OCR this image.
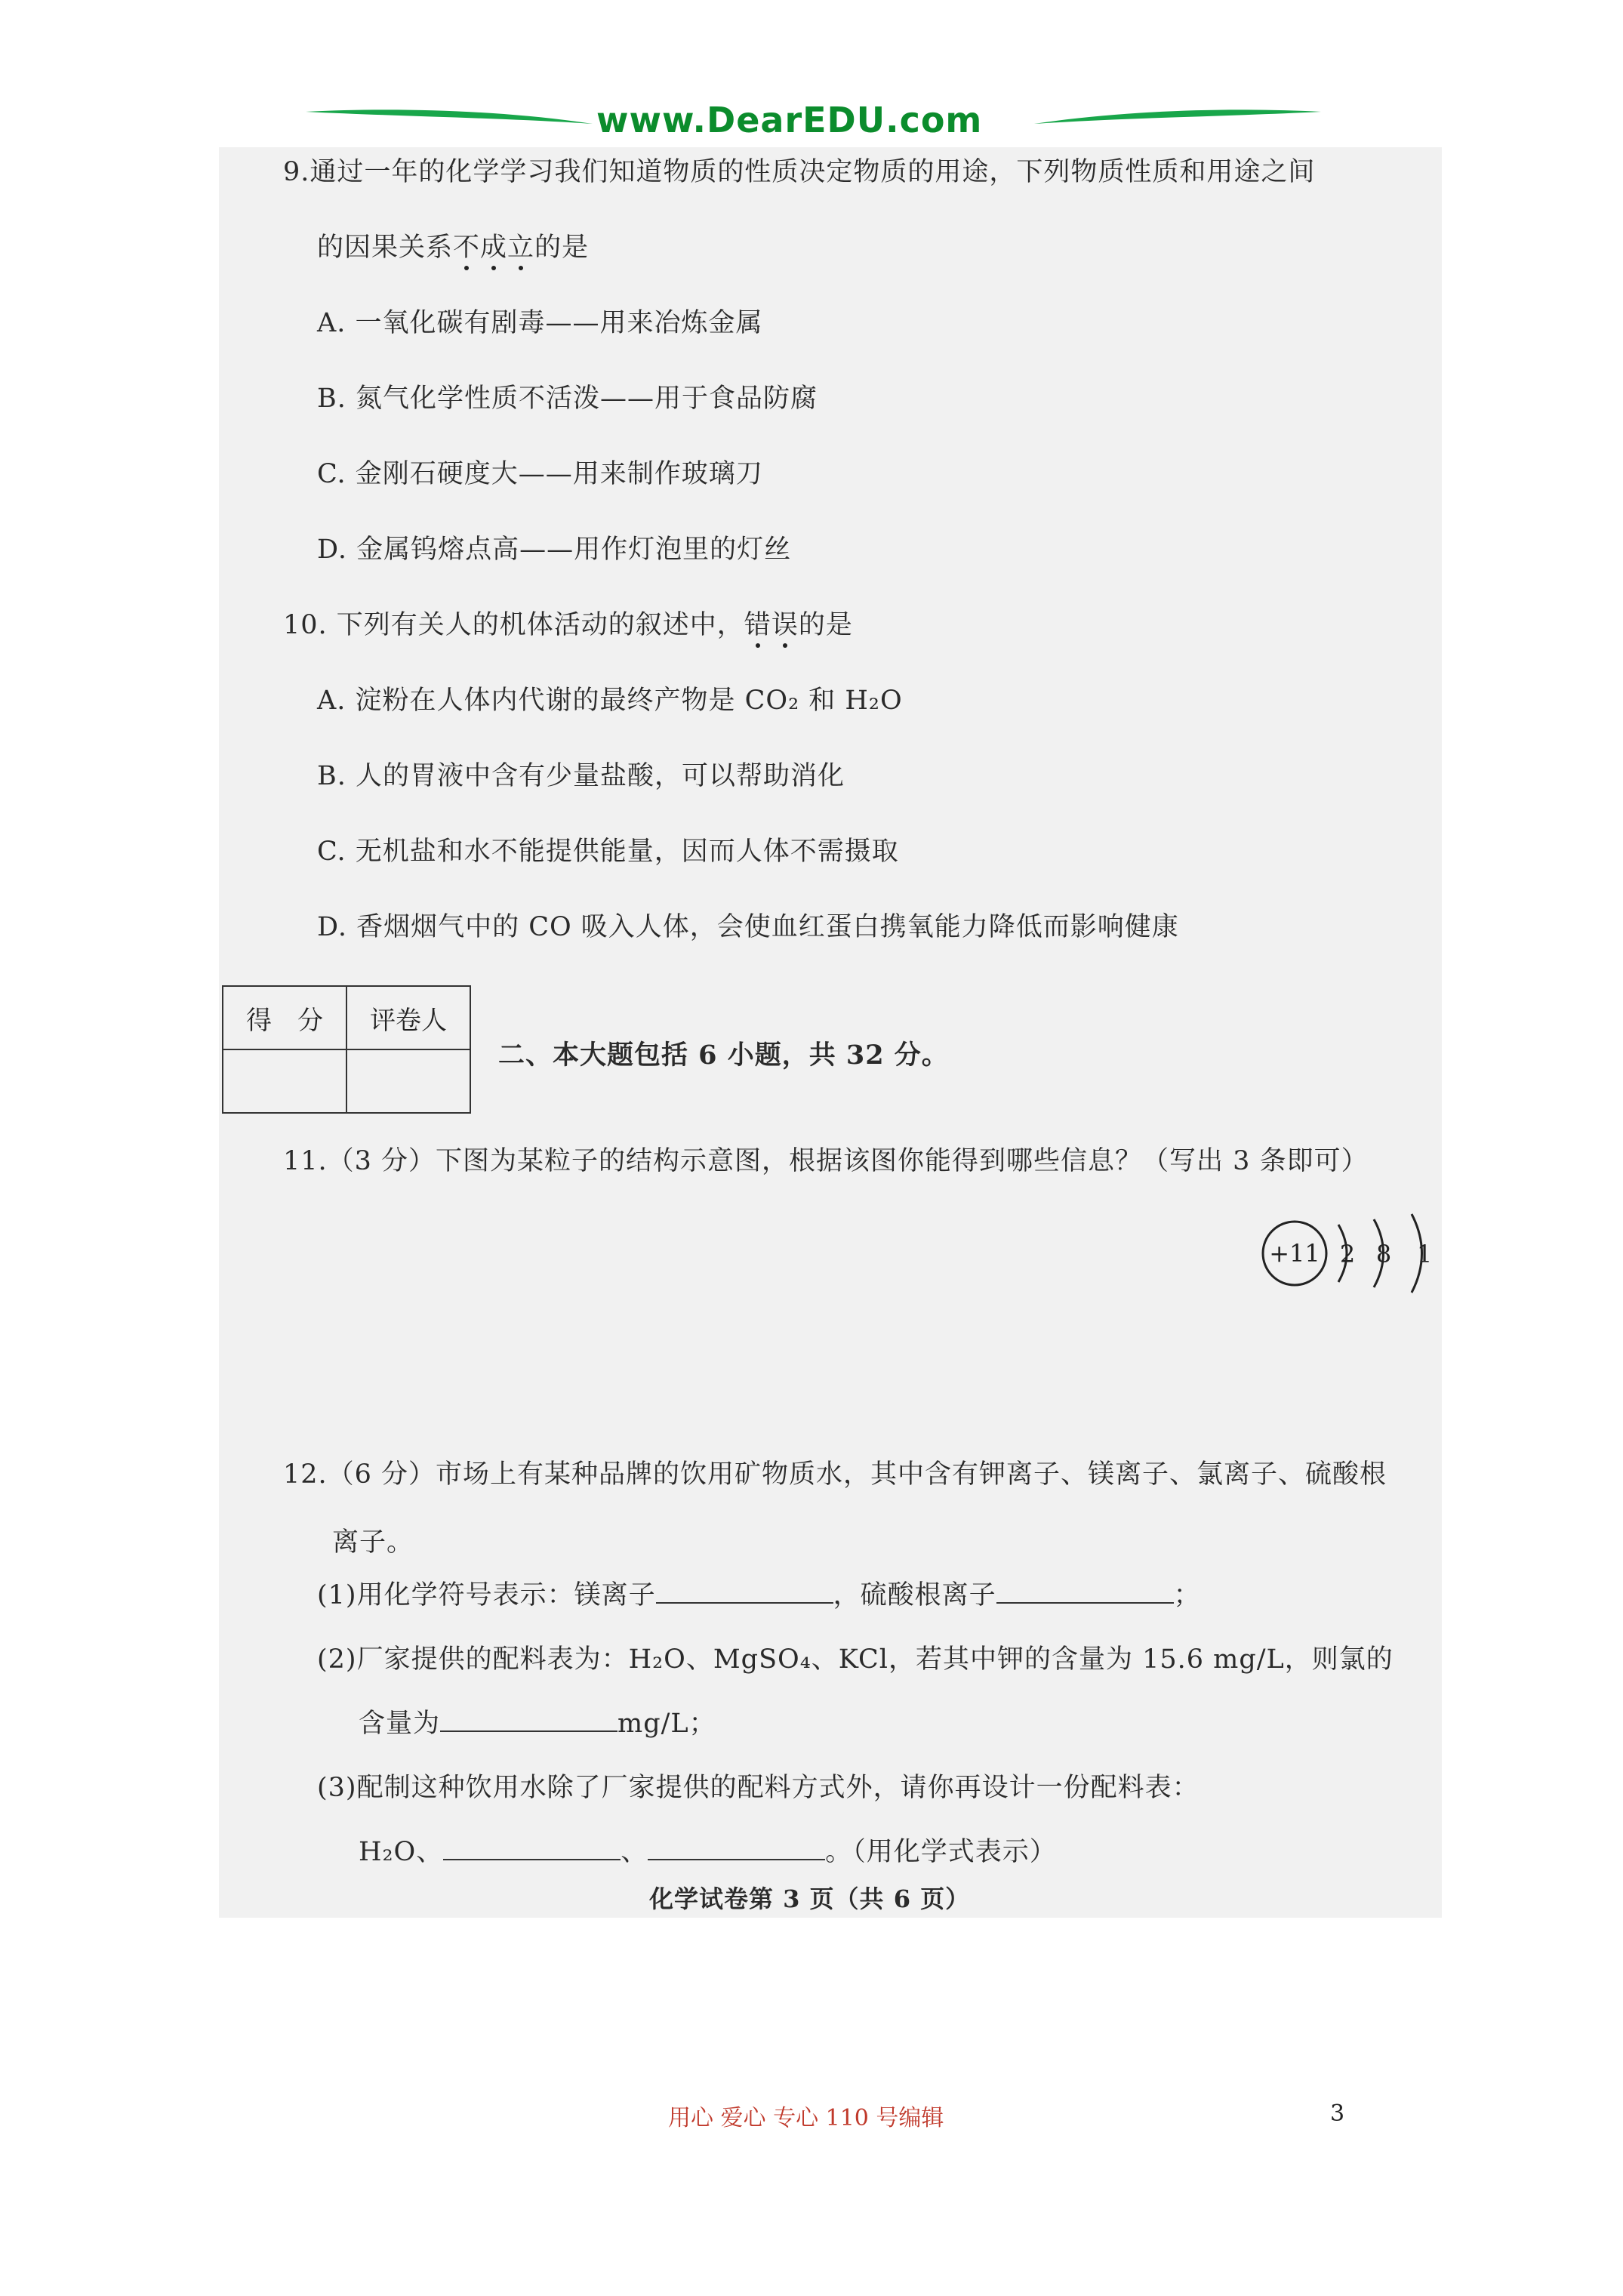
www.DearEDU.com
9.通过一年的化学学习我们知道物质的性质决定物质的用途，下列物质性质和用途之间
的因果关系不成立的是
A. 一氧化碳有剧毒——用来冶炼金属
B. 氮气化学性质不活泼——用于食品防腐
C. 金刚石硬度大——用来制作玻璃刀
D. 金属钨熔点高——用作灯泡里的灯丝
10. 下列有关人的机体活动的叙述中，错误的是
A. 淀粉在人体内代谢的最终产物是 CO₂ 和 H₂O
B. 人的胃液中含有少量盐酸，可以帮助消化
C. 无机盐和水不能提供能量，因而人体不需摄取
D. 香烟烟气中的 CO 吸入人体，会使血红蛋白携氧能力降低而影响健康
得　分	评卷人

二、本大题包括 6 小题，共 32 分。
11.（3 分）下图为某粒子的结构示意图，根据该图你能得到哪些信息？（写出 3 条即可）
+11 2 8 1
12.（6 分）市场上有某种品牌的饮用矿物质水，其中含有钾离子、镁离子、氯离子、硫酸根
离子。
(1)用化学符号表示：镁离子	，硫酸根离子	；
(2)厂家提供的配料表为：H₂O、MgSO₄、KCl，若其中钾的含量为 15.6 mg/L，则氯的
含量为	mg/L；
(3)配制这种饮用水除了厂家提供的配料方式外，请你再设计一份配料表：
H₂O、	、	。（用化学式表示）
化学试卷第 3 页（共 6 页）
用心 爱心 专心 110 号编辑	3
